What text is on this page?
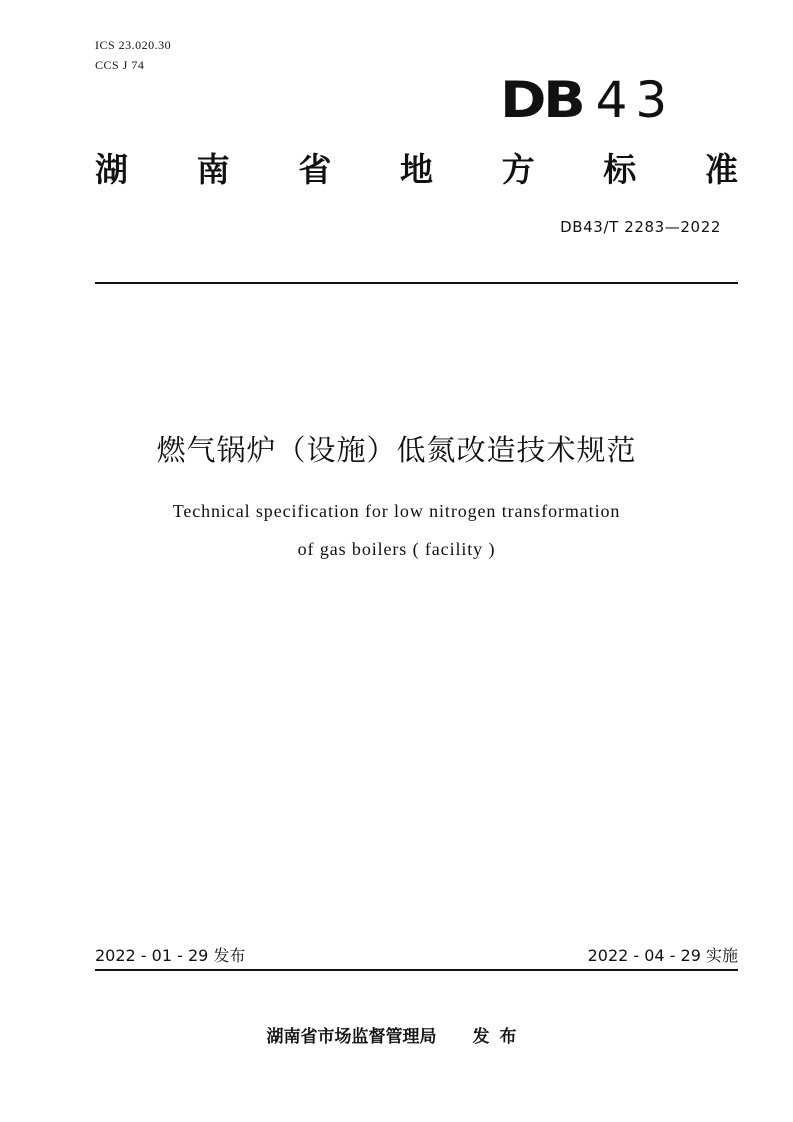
ICS 23.020.30
CCS J 74
DB 43
湖 南 省 地 方 标 准
DB43/T 2283—2022
燃气锅炉（设施）低氮改造技术规范
Technical specification for low nitrogen transformation
of gas boilers ( facility )
2022 - 01 - 29 发布	2022 - 04 - 29 实施
湖南省市场监督管理局 发布
